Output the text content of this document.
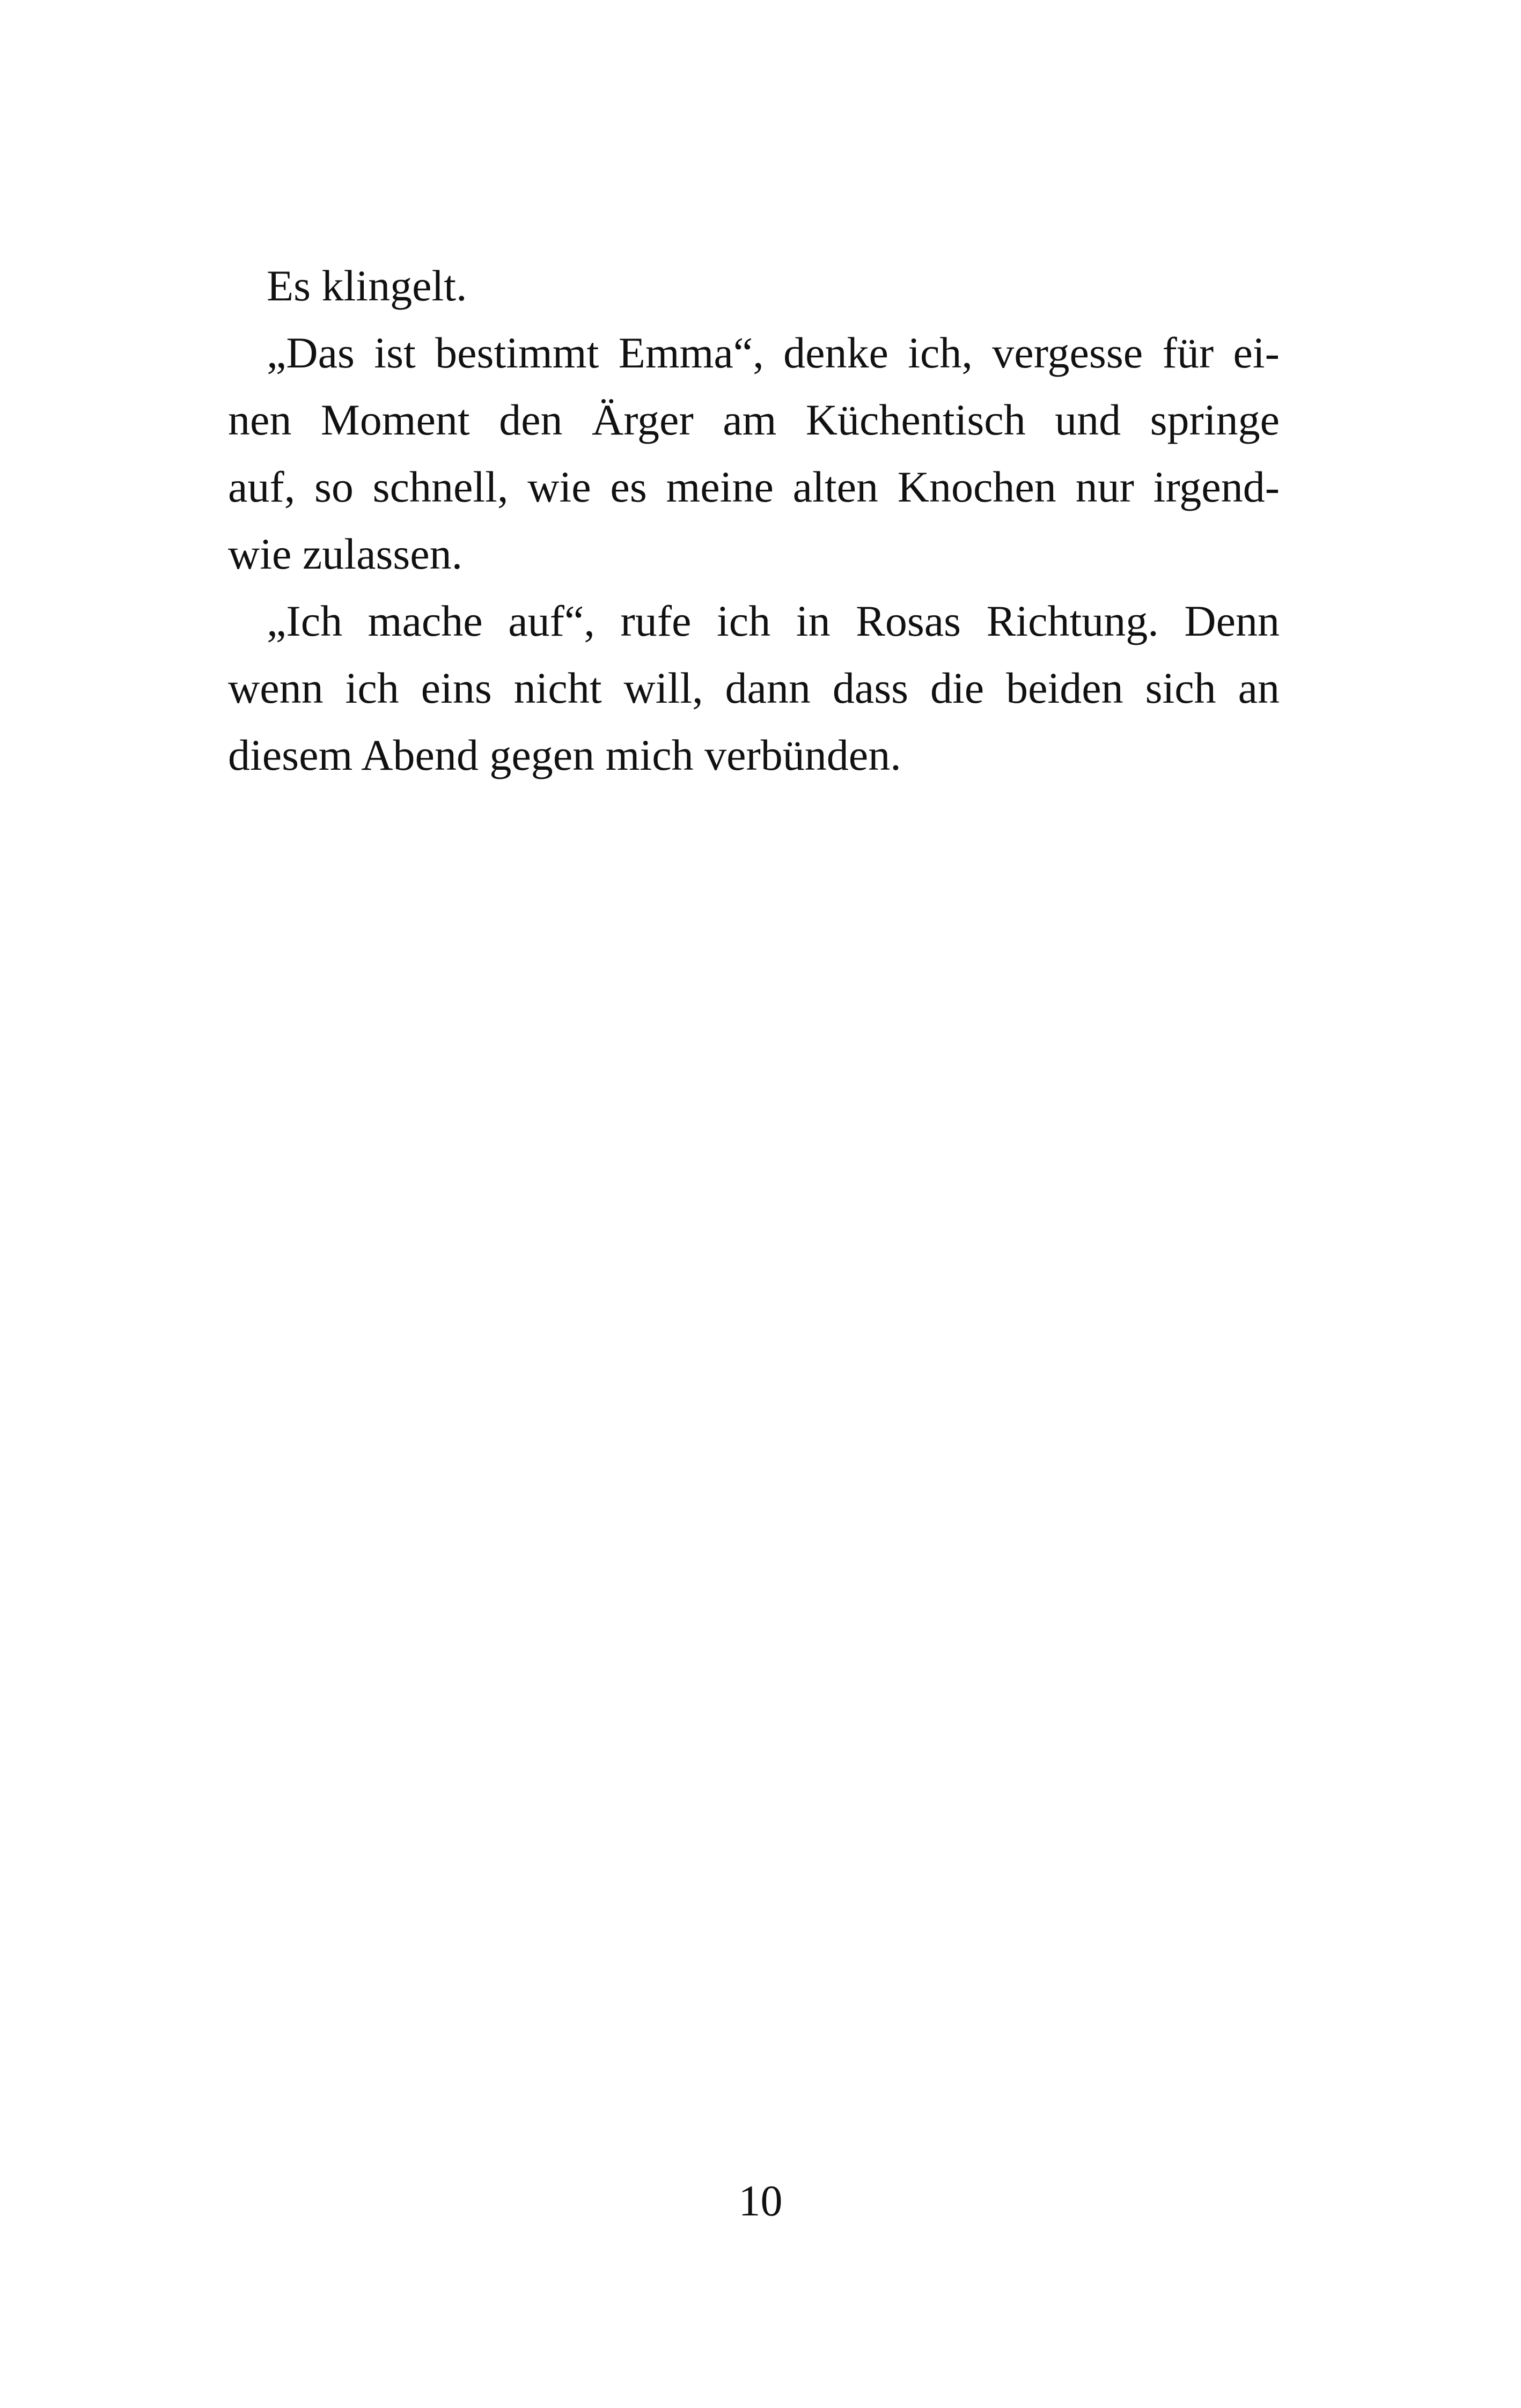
Es klingelt.
„Das ist bestimmt Emma“, denke ich, vergesse für ei-
nen Moment den Ärger am Küchentisch und springe
auf, so schnell, wie es meine alten Knochen nur irgend-
wie zulassen.
„Ich mache auf“, rufe ich in Rosas Richtung. Denn
wenn ich eins nicht will, dann dass die beiden sich an
diesem Abend gegen mich verbünden.
10
